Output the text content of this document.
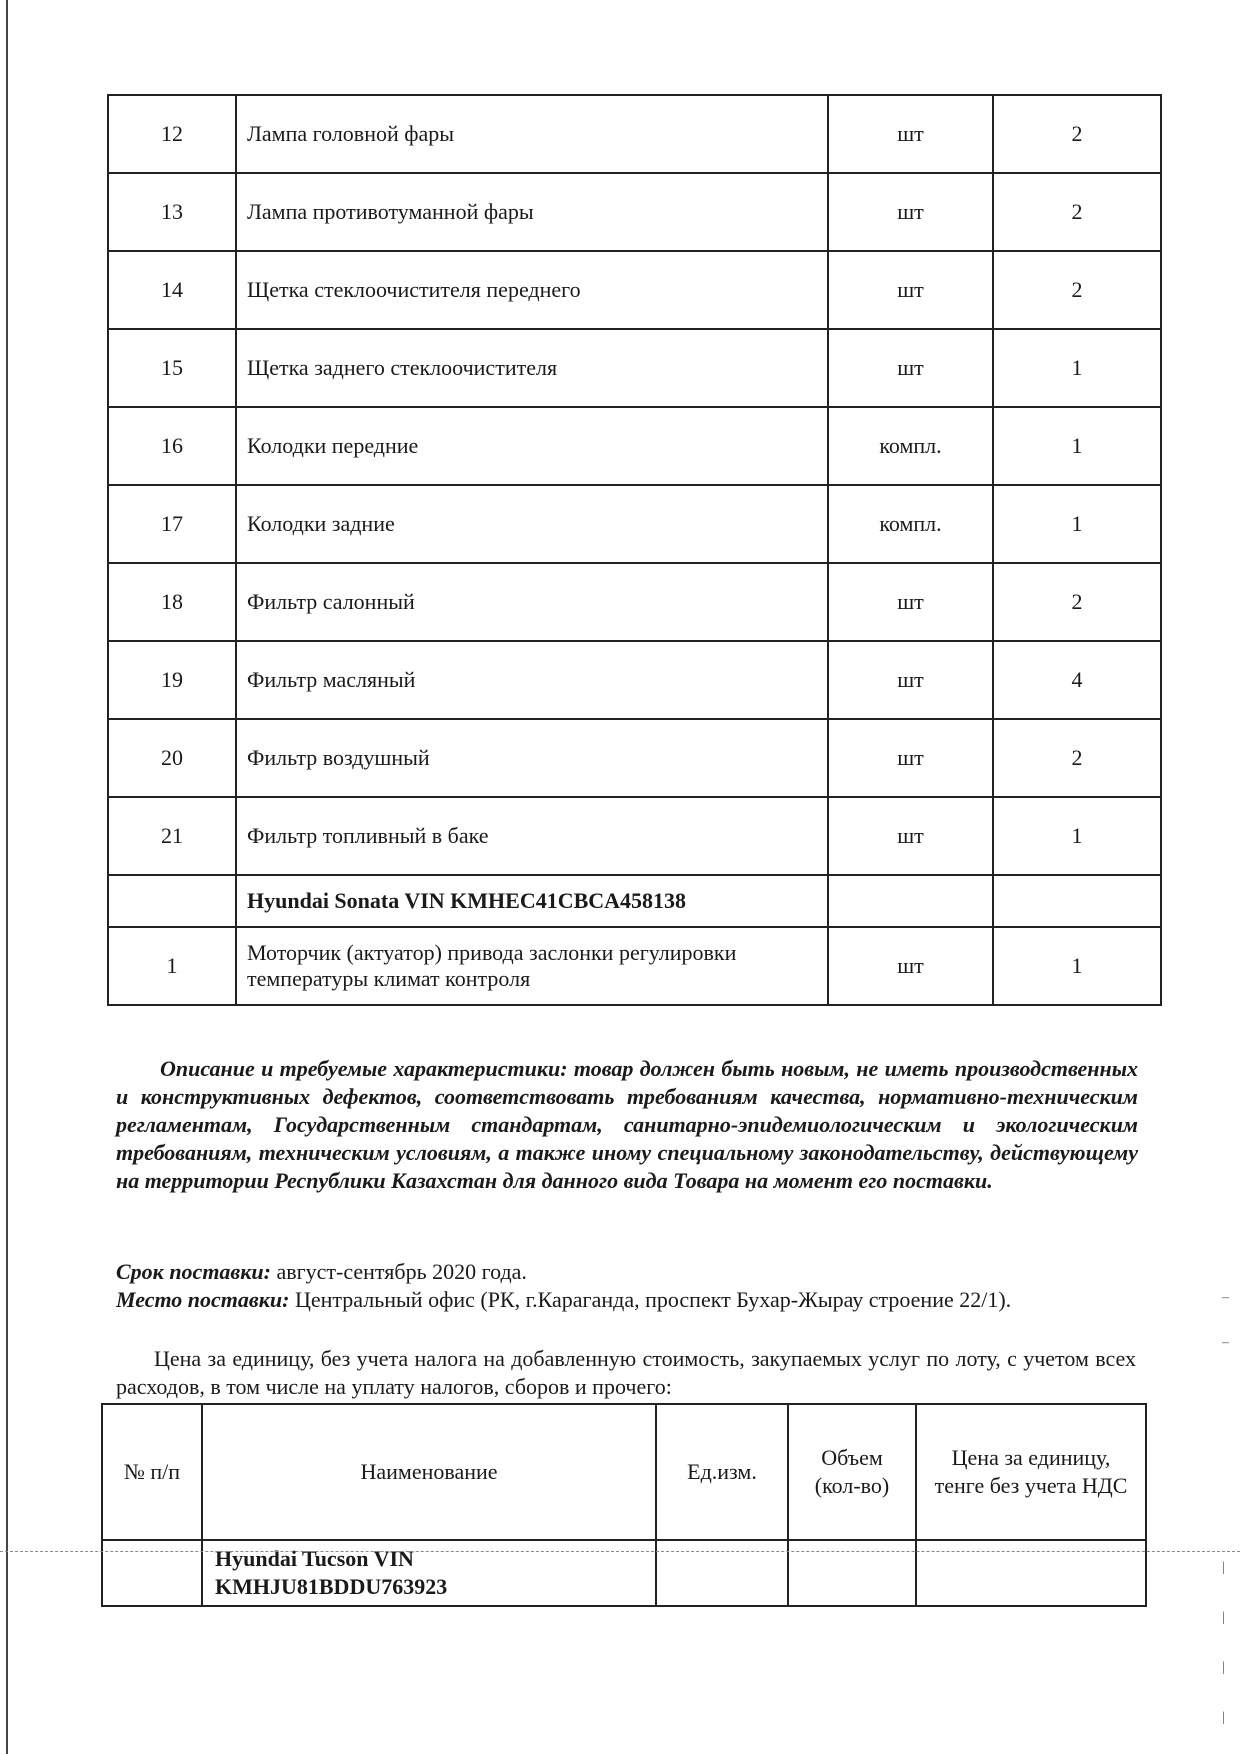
12	Лампа головной фары	шт	2
13	Лампа противотуманной фары	шт	2
14	Щетка стеклоочистителя переднего	шт	2
15	Щетка заднего стеклоочистителя	шт	1
16	Колодки передние	компл.	1
17	Колодки задние	компл.	1
18	Фильтр салонный	шт	2
19	Фильтр масляный	шт	4
20	Фильтр воздушный	шт	2
21	Фильтр топливный в баке	шт	1
	Hyundai Sonata VIN KMHEC41CBCA458138		
1	Моторчик (актуатор) привода заслонки регулировки температуры климат контроля	шт	1

Описание и требуемые характеристики: товар должен быть новым, не иметь производственных и конструктивных дефектов, соответствовать требованиям качества, нормативно-техническим регламентам, Государственным стандартам, санитарно-эпидемиологическим и экологическим требованиям, техническим условиям, а также иному специальному законодательству, действующему на территории Республики Казахстан для данного вида Товара на момент его поставки.

Срок поставки: август-сентябрь 2020 года.
Место поставки: Центральный офис (РК, г.Караганда, проспект Бухар-Жырау строение 22/1).

Цена за единицу, без учета налога на добавленную стоимость, закупаемых услуг по лоту, с учетом всех расходов, в том числе на уплату налогов, сборов и прочего:

№ п/п	Наименование	Ед.изм.	Объем (кол-во)	Цена за единицу, тенге без учета НДС
	Hyundai Tucson VIN KMHJU81BDDU763923			
–
–
|
|
|
|
